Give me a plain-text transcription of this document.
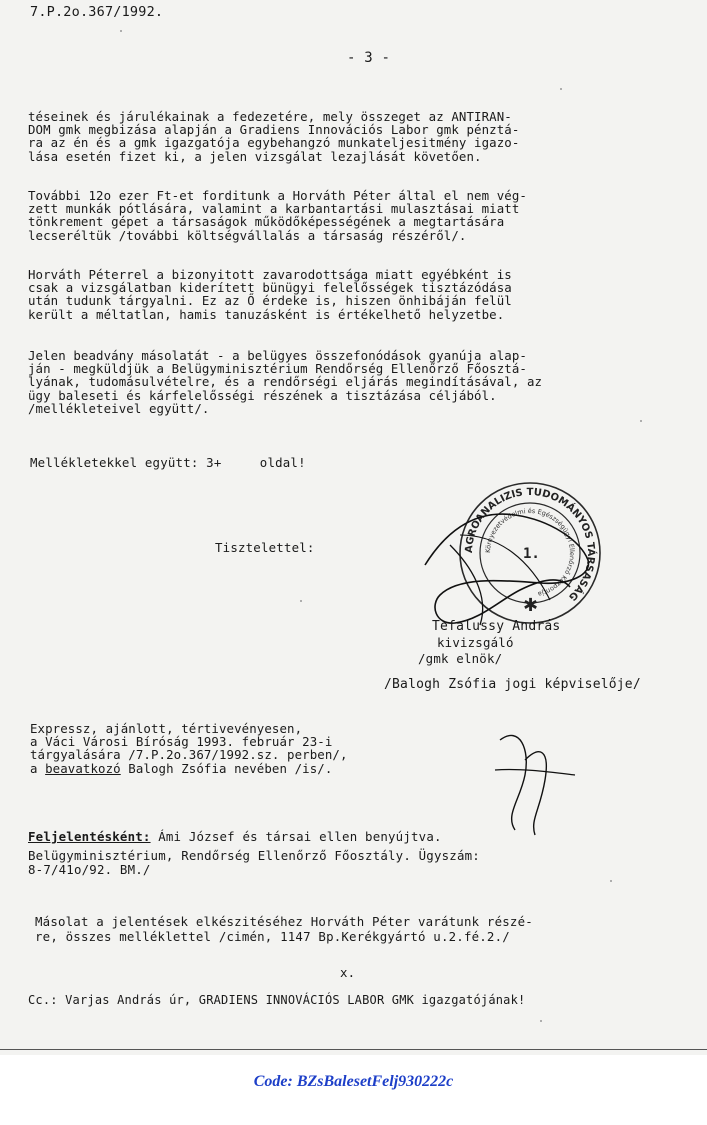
7.P.2o.367/1992.
- 3 -
téseinek és járulékainak a fedezetére, mely összeget az ANTIRAN-
DOM gmk megbizása alapján a Gradiens Innovációs Labor gmk pénztá-
ra az én és a gmk igazgatója egybehangzó munkateljesitmény igazo-
lása esetén fizet ki, a jelen vizsgálat lezajlását követően.
További 12o ezer Ft-et forditunk a Horváth Péter által el nem vég-
zett munkák pótlására, valamint a karbantartási mulasztásai miatt
tönkrement gépet a társaságok működőképességének a megtartására
lecseréltük /további költségvállalás a társaság részéről/.
Horváth Péterrel a bizonyitott zavarodottsága miatt egyébként is
csak a vizsgálatban kiderített bünügyi felelősségek tisztázódása
után tudunk tárgyalni. Ez az Ő érdeke is, hiszen önhibáján felül
került a méltatlan, hamis tanuzásként is értékelhető helyzetbe.
Jelen beadvány másolatát - a belügyes összefonódások gyanúja alap-
ján - megküldjük a Belügyminisztérium Rendőrség Ellenőrző Főosztá-
lyának, tudomásulvételre, és a rendőrségi eljárás megindításával, az
ügy baleseti és kárfelelősségi részének a tisztázása céljából.
/mellékleteivel együtt/.
Mellékletekkel együtt: 3+     oldal!
Tisztelettel:	AGROANALIZIS TUDOMÁNYOS TÁRSASÁG
Környezetvédelmi és Egészségügyi Ellenőrző Központja
1.
✱
Tefalussy András
kivizsgáló
/gmk elnök/
/Balogh Zsófia jogi képviselője/
Expressz, ajánlott, tértivevényesen,
a Váci Városi Bíróság 1993. február 23-i
tárgyalására /7.P.2o.367/1992.sz. perben/,
a beavatkozó Balogh Zsófia nevében /is/.
Feljelentésként: Ámi József és társai ellen benyújtva.
Belügyminisztérium, Rendőrség Ellenőrző Főosztály. Ügyszám:
8-7/41o/92. BM./
Másolat a jelentések elkészitéséhez Horváth Péter varátunk részé-
re, összes melléklettel /cimén, 1147 Bp.Kerékgyártó u.2.fé.2./
x.
Cc.: Varjas András úr, GRADIENS INNOVÁCIÓS LABOR GMK igazgatójának!
Code: BZsBalesetFelj930222c
